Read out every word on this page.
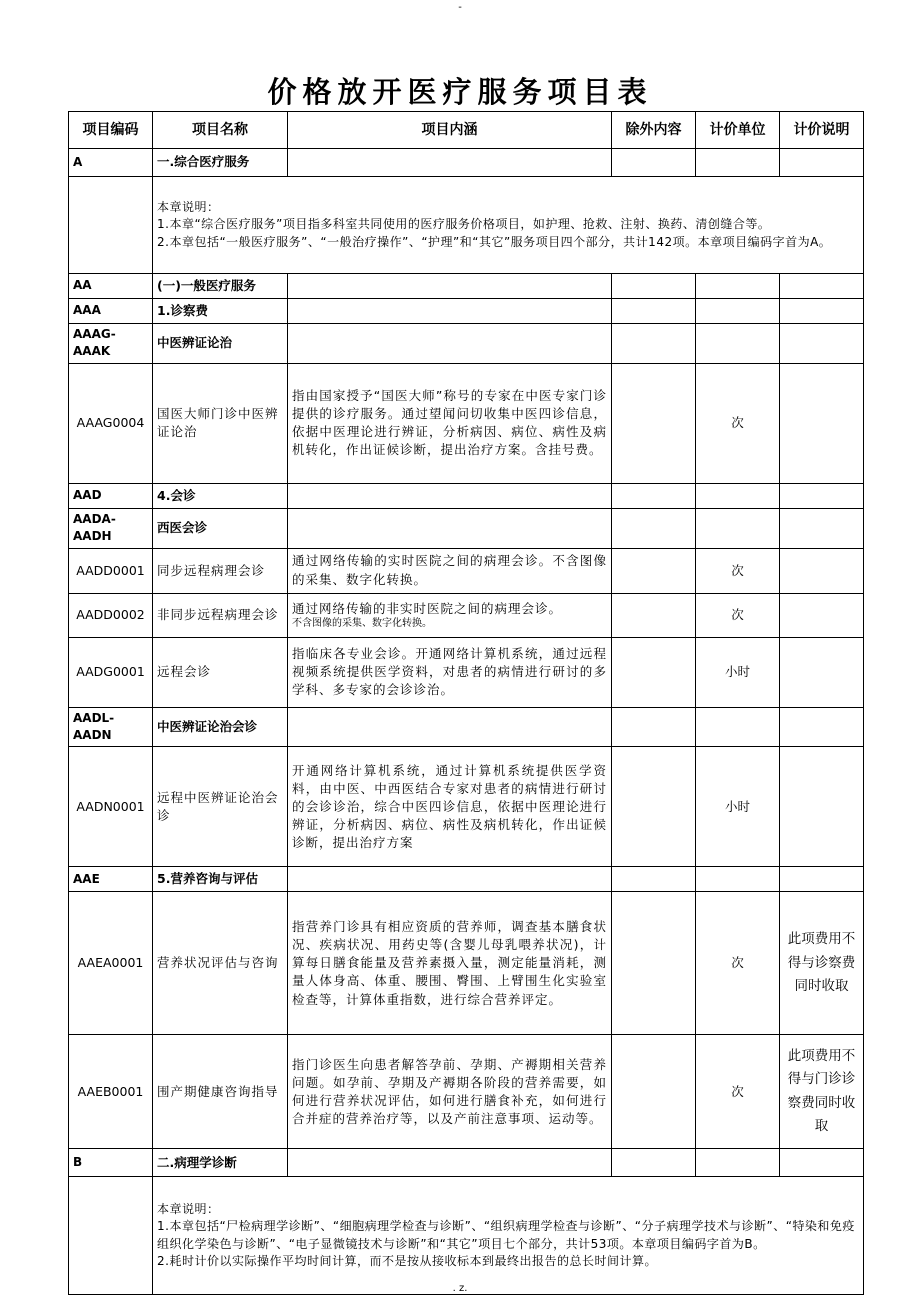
-
价格放开医疗服务项目表
项目编码	项目名称	项目内涵	除外内容	计价单位	计价说明
A	一.综合医疗服务				

	本章说明：

1.本章“综合医疗服务”项目指多科室共同使用的医疗服务价格项目，如护理、抢救、注射、换药、清创缝合等。

2.本章包括“一般医疗服务”、“一般治疗操作”、“护理”和“其它”服务项目四个部分，共计142项。本章项目编码字首为A。				

AA	(一)一般医疗服务				
AAA	1.诊察费				
AAAG-AAAK	中医辨证论治				
AAAG0004	国医大师门诊中医辨证论治	指由国家授予“国医大师”称号的专家在中医专家门诊提供的诊疗服务。通过望闻问切收集中医四诊信息，依据中医理论进行辨证，分析病因、病位、病性及病机转化，作出证候诊断，提出治疗方案。含挂号费。		次	
AAD	4.会诊				
AADA-AADH	西医会诊				
AADD0001	同步远程病理会诊	通过网络传输的实时医院之间的病理会诊。不含图像的采集、数字化转换。		次	
AADD0002	非同步远程病理会诊	通过网络传输的非实时医院之间的病理会诊。
不含图像的采集、数字化转换。		次	
AADG0001	远程会诊	指临床各专业会诊。开通网络计算机系统，通过远程视频系统提供医学资料，对患者的病情进行研讨的多学科、多专家的会诊诊治。		小时	
AADL-AADN	中医辨证论治会诊				
AADN0001	远程中医辨证论治会诊	开通网络计算机系统，通过计算机系统提供医学资料，由中医、中西医结合专家对患者的病情进行研讨的会诊诊治，综合中医四诊信息，依据中医理论进行辨证，分析病因、病位、病性及病机转化，作出证候诊断，提出治疗方案		小时	
AAE	5.营养咨询与评估				
AAEA0001	营养状况评估与咨询	指营养门诊具有相应资质的营养师，调查基本膳食状况、疾病状况、用药史等(含婴儿母乳喂养状况)，计算每日膳食能量及营养素摄入量，测定能量消耗，测量人体身高、体重、腰围、臀围、上臂围生化实验室检查等，计算体重指数，进行综合营养评定。		次	此项费用不得与诊察费同时收取
AAEB0001	围产期健康咨询指导	指门诊医生向患者解答孕前、孕期、产褥期相关营养问题。如孕前、孕期及产褥期各阶段的营养需要，如何进行营养状况评估，如何进行膳食补充，如何进行合并症的营养治疗等，以及产前注意事项、运动等。		次	此项费用不得与门诊诊察费同时收取
B	二.病理学诊断				

	本章说明：

1.本章包括“尸检病理学诊断”、“细胞病理学检查与诊断”、“组织病理学检查与诊断”、“分子病理学技术与诊断”、“特染和免疫组织化学染色与诊断”、“电子显微镜技术与诊断”和“其它”项目七个部分，共计53项。本章项目编码字首为B。

2.耗时计价以实际操作平均时间计算，而不是按从接收标本到最终出报告的总长时间计算。				

. z.
